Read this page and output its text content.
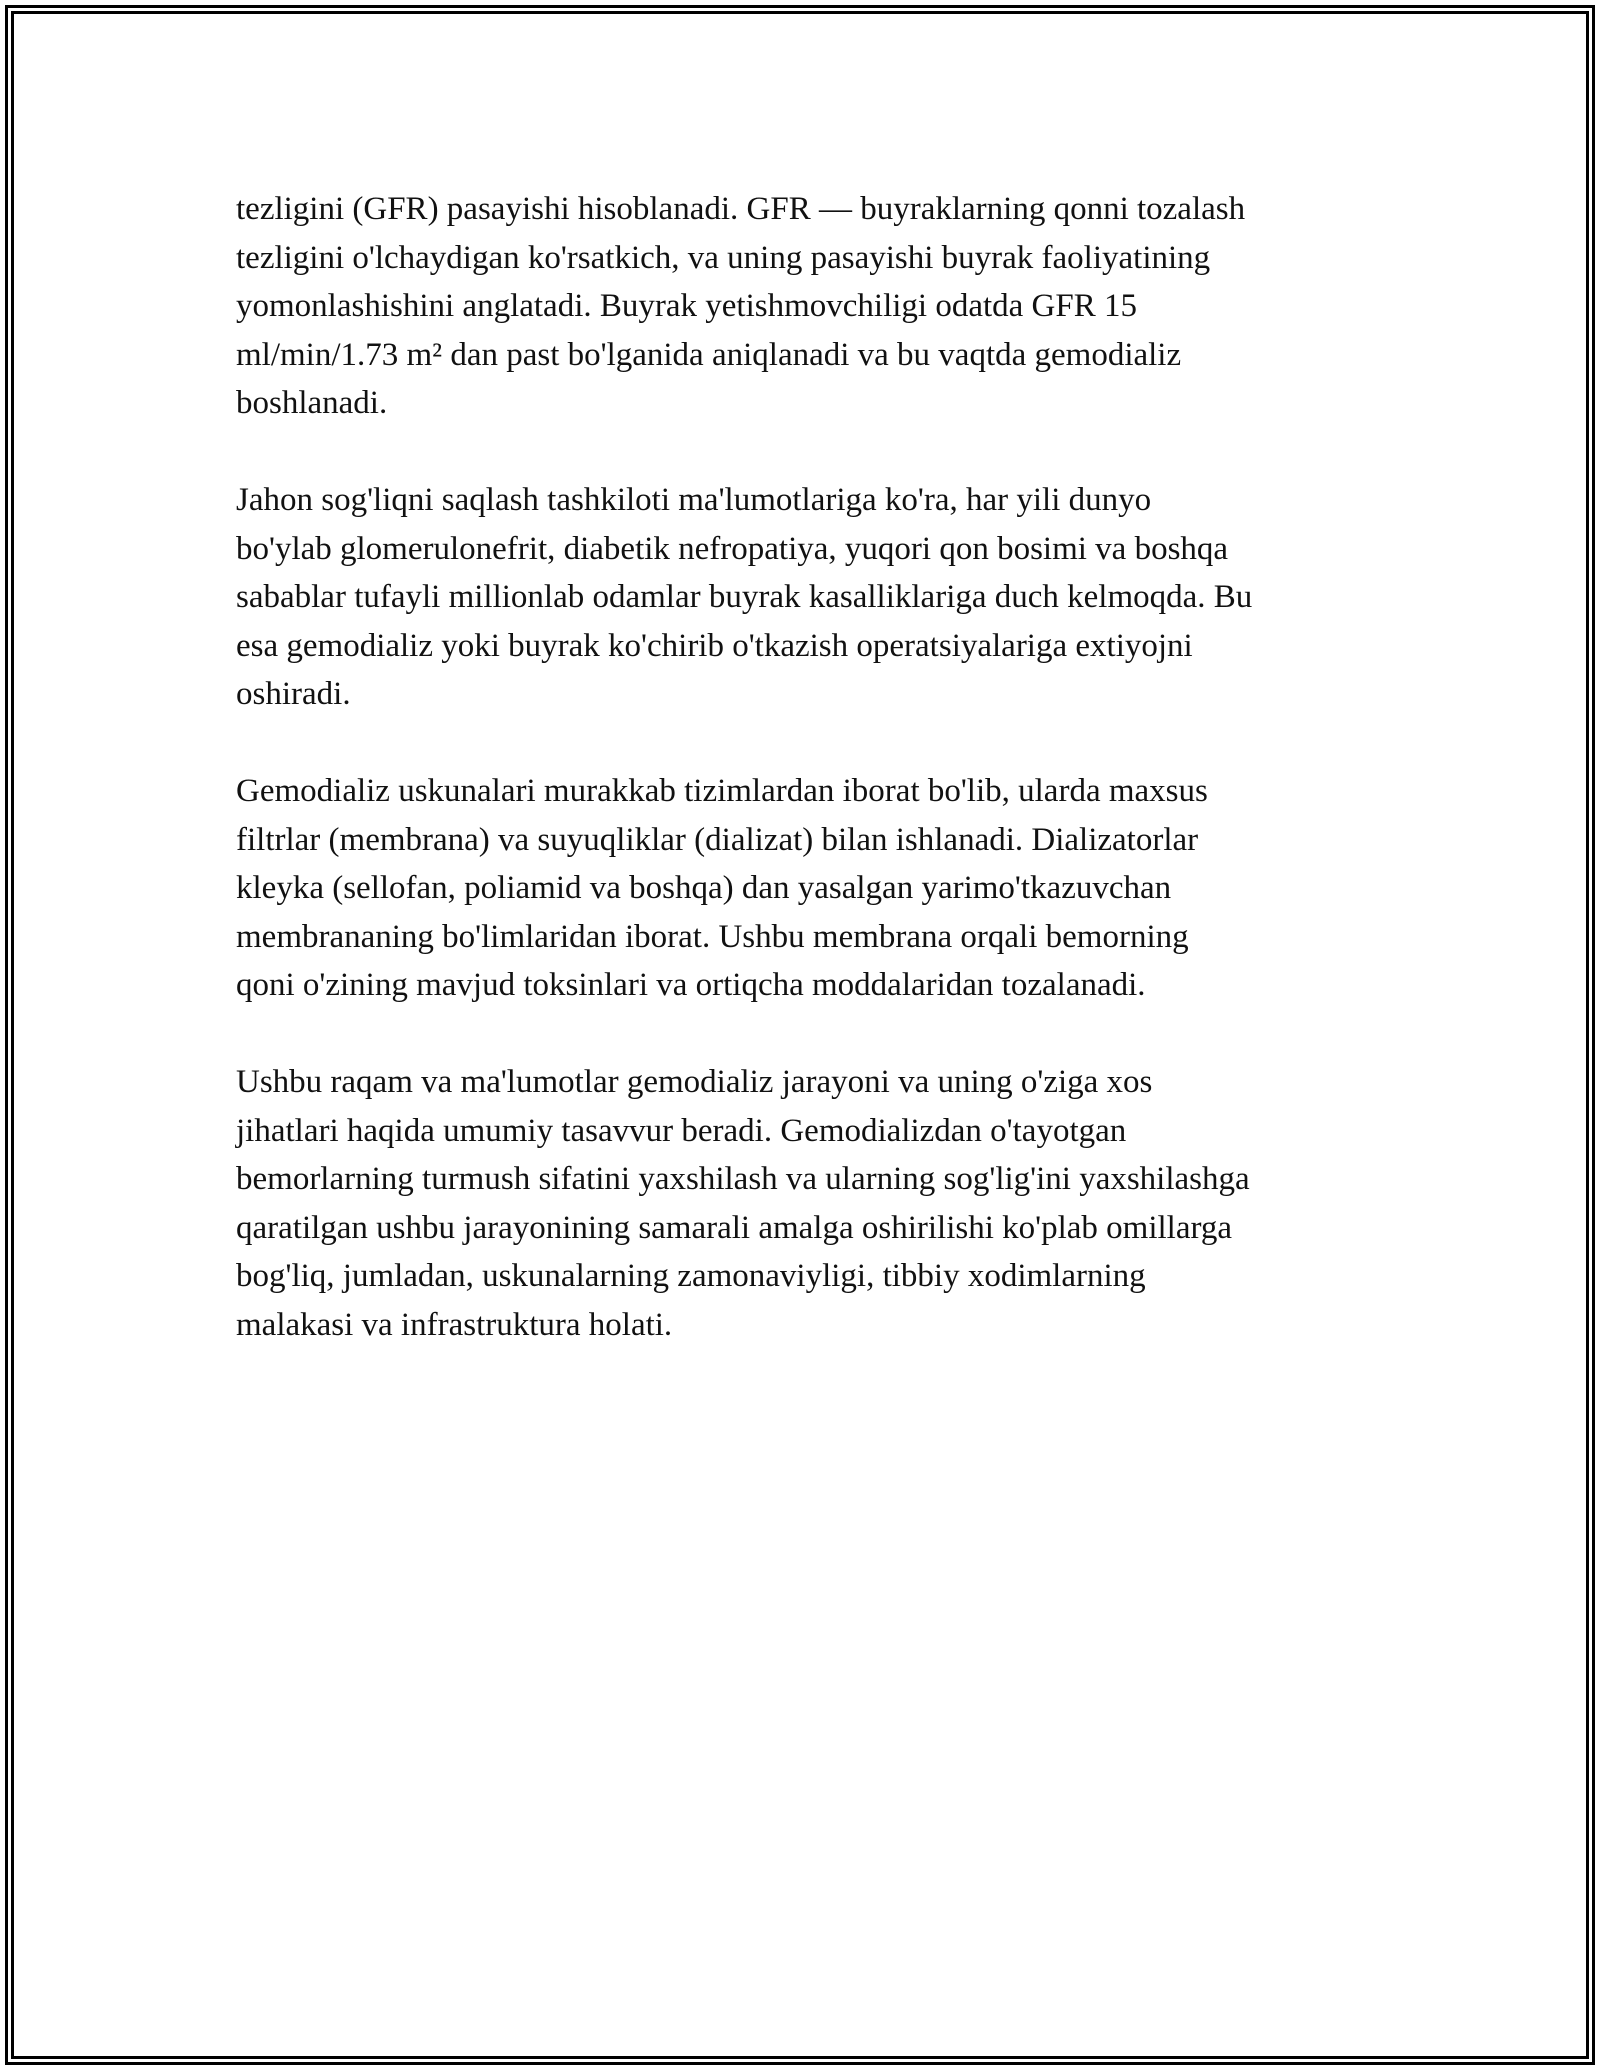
tezligini (GFR) pasayishi hisoblanadi. GFR — buyraklarning qonni tozalash
tezligini o'lchaydigan ko'rsatkich, va uning pasayishi buyrak faoliyatining
yomonlashishini anglatadi. Buyrak yetishmovchiligi odatda GFR 15
ml/min/1.73 m² dan past bo'lganida aniqlanadi va bu vaqtda gemodializ
boshlanadi.

Jahon sog'liqni saqlash tashkiloti ma'lumotlariga ko'ra, har yili dunyo
bo'ylab glomerulonefrit, diabetik nefropatiya, yuqori qon bosimi va boshqa
sabablar tufayli millionlab odamlar buyrak kasalliklariga duch kelmoqda. Bu
esa gemodializ yoki buyrak ko'chirib o'tkazish operatsiyalariga extiyojni
oshiradi.

Gemodializ uskunalari murakkab tizimlardan iborat bo'lib, ularda maxsus
filtrlar (membrana) va suyuqliklar (dializat) bilan ishlanadi. Dializatorlar
kleyka (sellofan, poliamid va boshqa) dan yasalgan yarimo'tkazuvchan
membrananing bo'limlaridan iborat. Ushbu membrana orqali bemorning
qoni o'zining mavjud toksinlari va ortiqcha moddalaridan tozalanadi.

Ushbu raqam va ma'lumotlar gemodializ jarayoni va uning o'ziga xos
jihatlari haqida umumiy tasavvur beradi. Gemodializdan o'tayotgan
bemorlarning turmush sifatini yaxshilash va ularning sog'lig'ini yaxshilashga
qaratilgan ushbu jarayonining samarali amalga oshirilishi ko'plab omillarga
bog'liq, jumladan, uskunalarning zamonaviyligi, tibbiy xodimlarning
malakasi va infrastruktura holati.
